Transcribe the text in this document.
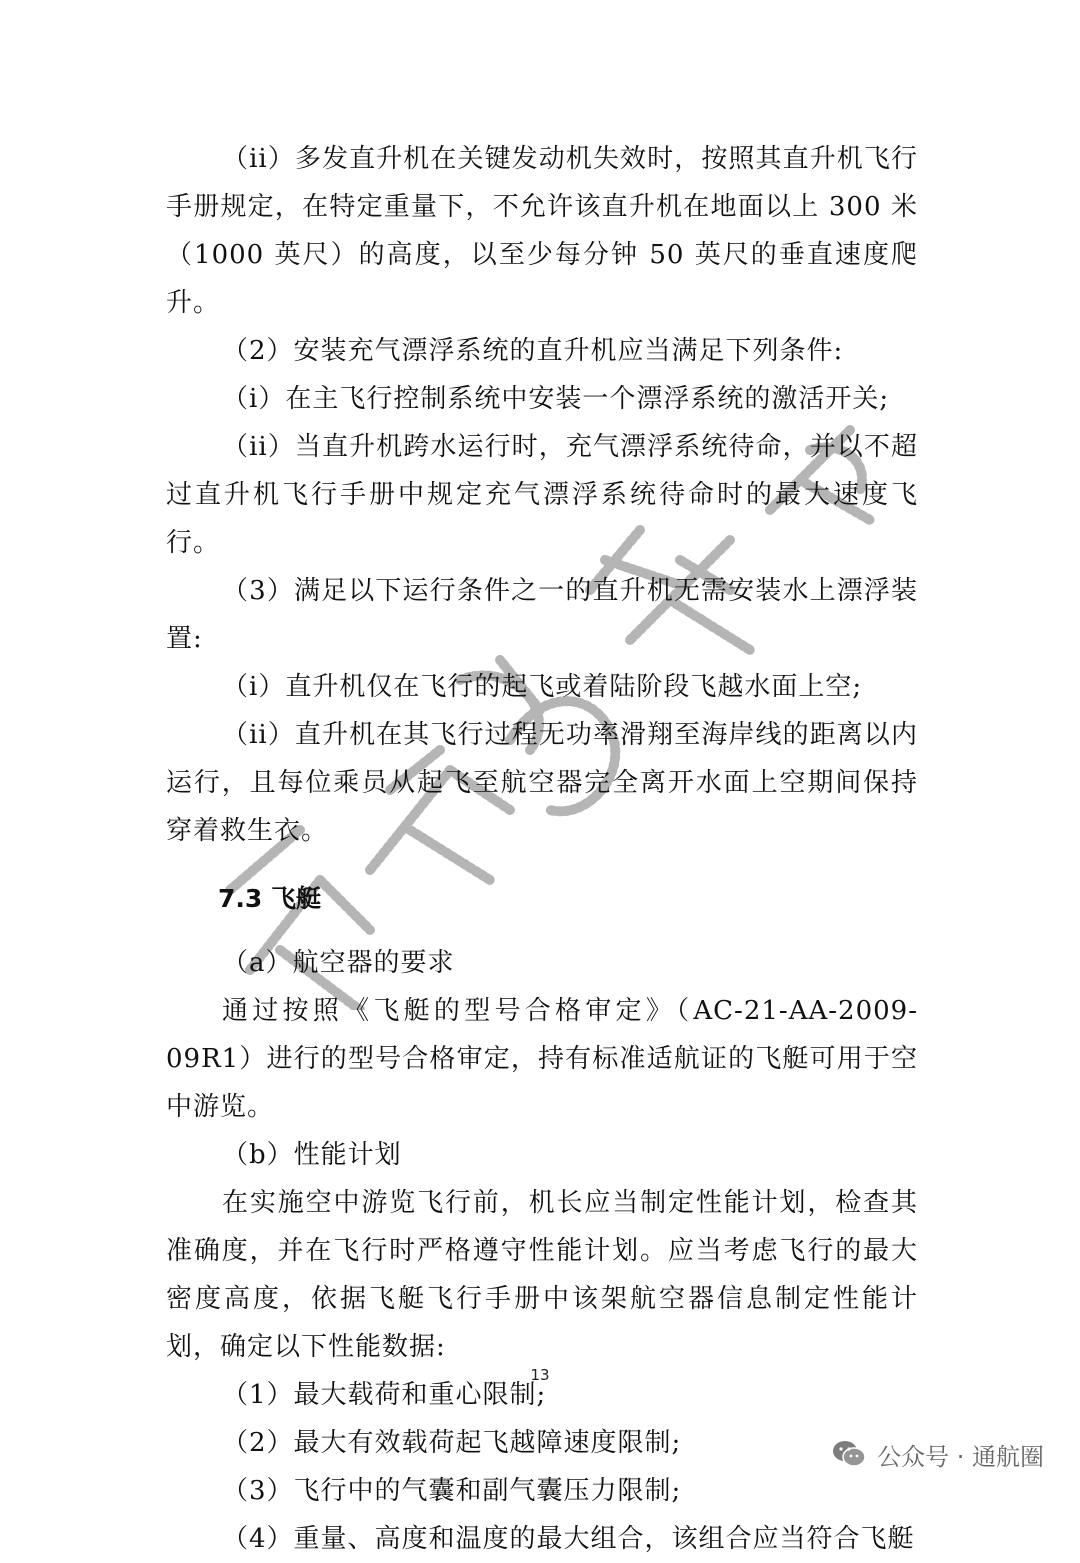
（ii）多发直升机在关键发动机失效时，按照其直升机飞行手册规定，在特定重量下，不允许该直升机在地面以上 300 米（1000 英尺）的高度，以至少每分钟 50 英尺的垂直速度爬升。

（2）安装充气漂浮系统的直升机应当满足下列条件:

（i）在主飞行控制系统中安装一个漂浮系统的激活开关;

（ii）当直升机跨水运行时，充气漂浮系统待命，并以不超过直升机飞行手册中规定充气漂浮系统待命时的最大速度飞行。

（3）满足以下运行条件之一的直升机无需安装水上漂浮装置:

（i）直升机仅在飞行的起飞或着陆阶段飞越水面上空;

（ii）直升机在其飞行过程无功率滑翔至海岸线的距离以内运行，且每位乘员从起飞至航空器完全离开水面上空期间保持穿着救生衣。

7.3 飞艇

（a）航空器的要求

通过按照《飞艇的型号合格审定》（AC-21-AA-2009-09R1）进行的型号合格审定，持有标准适航证的飞艇可用于空中游览。

（b）性能计划

在实施空中游览飞行前，机长应当制定性能计划，检查其准确度，并在飞行时严格遵守性能计划。应当考虑飞行的最大密度高度，依据飞艇飞行手册中该架航空器信息制定性能计划，确定以下性能数据:

（1）最大载荷和重心限制;

（2）最大有效载荷起飞越障速度限制;

（3）飞行中的气囊和副气囊压力限制;

（4）重量、高度和温度的最大组合，该组合应当符合飞艇

13
公众号 · 通航圈
